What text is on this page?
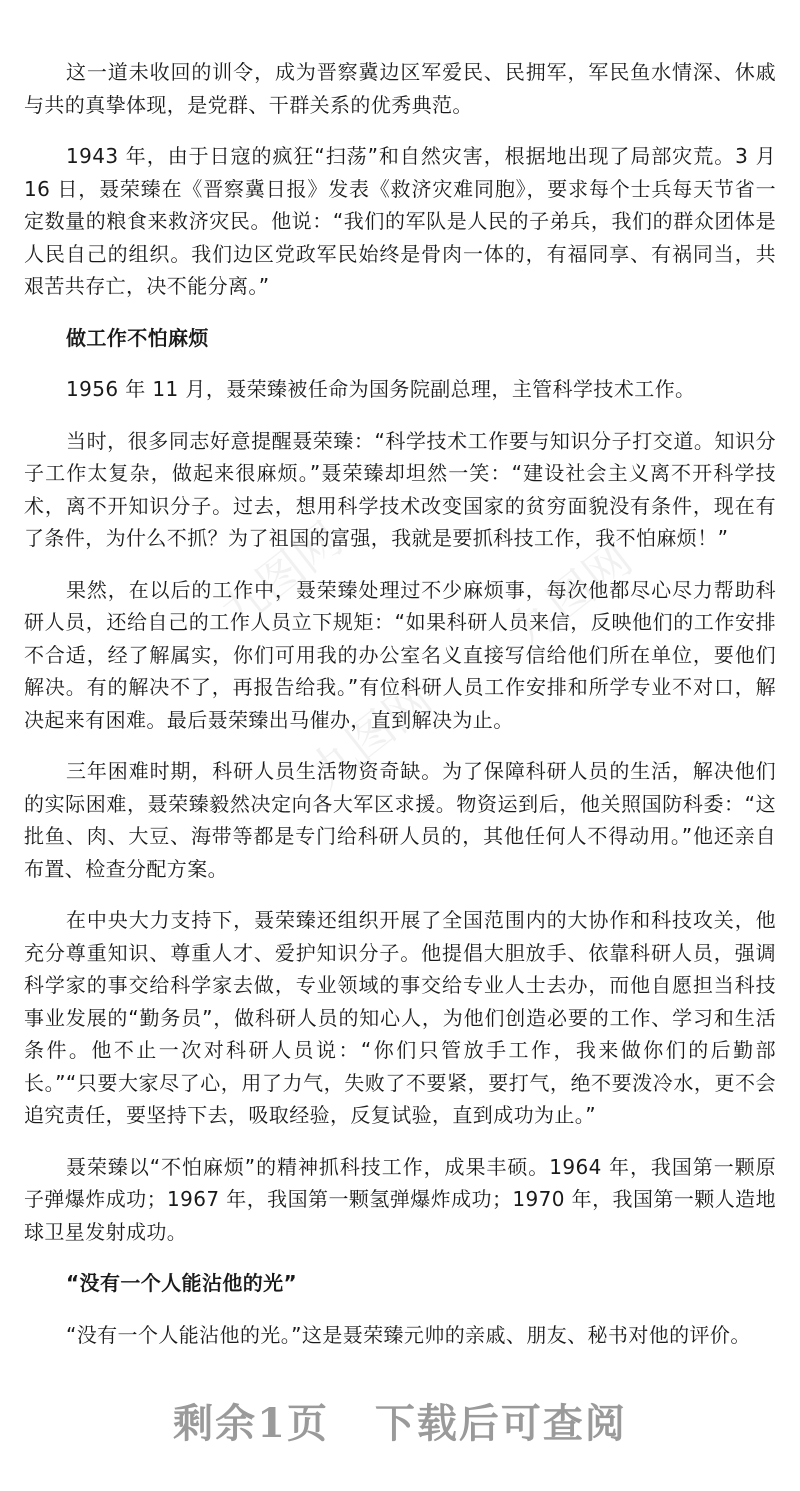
九图网	九图网
九图网

这一道未收回的训令，成为晋察冀边区军爱民、民拥军，军民鱼水情深、休戚与共的真挚体现，是党群、干群关系的优秀典范。

1943 年，由于日寇的疯狂“扫荡”和自然灾害，根据地出现了局部灾荒。3 月 16 日，聂荣臻在《晋察冀日报》发表《救济灾难同胞》，要求每个士兵每天节省一定数量的粮食来救济灾民。他说：“我们的军队是人民的子弟兵，我们的群众团体是人民自己的组织。我们边区党政军民始终是骨肉一体的，有福同享、有祸同当，共艰苦共存亡，决不能分离。”

做工作不怕麻烦

1956 年 11 月，聂荣臻被任命为国务院副总理，主管科学技术工作。

当时，很多同志好意提醒聂荣臻：“科学技术工作要与知识分子打交道。知识分子工作太复杂，做起来很麻烦。”聂荣臻却坦然一笑：“建设社会主义离不开科学技术，离不开知识分子。过去，想用科学技术改变国家的贫穷面貌没有条件，现在有了条件，为什么不抓？为了祖国的富强，我就是要抓科技工作，我不怕麻烦！”

果然，在以后的工作中，聂荣臻处理过不少麻烦事，每次他都尽心尽力帮助科研人员，还给自己的工作人员立下规矩：“如果科研人员来信，反映他们的工作安排不合适，经了解属实，你们可用我的办公室名义直接写信给他们所在单位，要他们解决。有的解决不了，再报告给我。”有位科研人员工作安排和所学专业不对口，解决起来有困难。最后聂荣臻出马催办，直到解决为止。

三年困难时期，科研人员生活物资奇缺。为了保障科研人员的生活，解决他们的实际困难，聂荣臻毅然决定向各大军区求援。物资运到后，他关照国防科委：“这批鱼、肉、大豆、海带等都是专门给科研人员的，其他任何人不得动用。”他还亲自布置、检查分配方案。

在中央大力支持下，聂荣臻还组织开展了全国范围内的大协作和科技攻关，他充分尊重知识、尊重人才、爱护知识分子。他提倡大胆放手、依靠科研人员，强调科学家的事交给科学家去做，专业领域的事交给专业人士去办，而他自愿担当科技事业发展的“勤务员”，做科研人员的知心人，为他们创造必要的工作、学习和生活条件。他不止一次对科研人员说：“你们只管放手工作，我来做你们的后勤部长。”“只要大家尽了心，用了力气，失败了不要紧，要打气，绝不要泼冷水，更不会追究责任，要坚持下去，吸取经验，反复试验，直到成功为止。”

聂荣臻以“不怕麻烦”的精神抓科技工作，成果丰硕。1964 年，我国第一颗原子弹爆炸成功；1967 年，我国第一颗氢弹爆炸成功；1970 年，我国第一颗人造地球卫星发射成功。

“没有一个人能沾他的光”

“没有一个人能沾他的光。”这是聂荣臻元帅的亲戚、朋友、秘书对他的评价。

剩余1页 下载后可查阅
